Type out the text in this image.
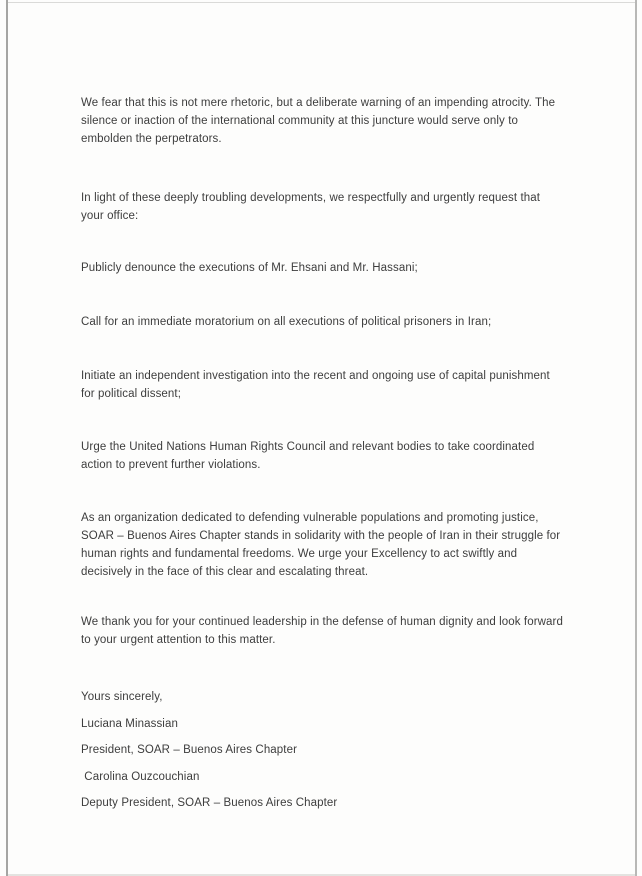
We fear that this is not mere rhetoric, but a deliberate warning of an impending atrocity. The silence or inaction of the international community at this juncture would serve only to embolden the perpetrators.

In light of these deeply troubling developments, we respectfully and urgently request that your office:

Publicly denounce the executions of Mr. Ehsani and Mr. Hassani;

Call for an immediate moratorium on all executions of political prisoners in Iran;

Initiate an independent investigation into the recent and ongoing use of capital punishment for political dissent;

Urge the United Nations Human Rights Council and relevant bodies to take coordinated action to prevent further violations.

As an organization dedicated to defending vulnerable populations and promoting justice, SOAR – Buenos Aires Chapter stands in solidarity with the people of Iran in their struggle for human rights and fundamental freedoms. We urge your Excellency to act swiftly and decisively in the face of this clear and escalating threat.

We thank you for your continued leadership in the defense of human dignity and look forward to your urgent attention to this matter.

Yours sincerely,

Luciana Minassian

President, SOAR – Buenos Aires Chapter

Carolina Ouzcouchian

Deputy President, SOAR – Buenos Aires Chapter
